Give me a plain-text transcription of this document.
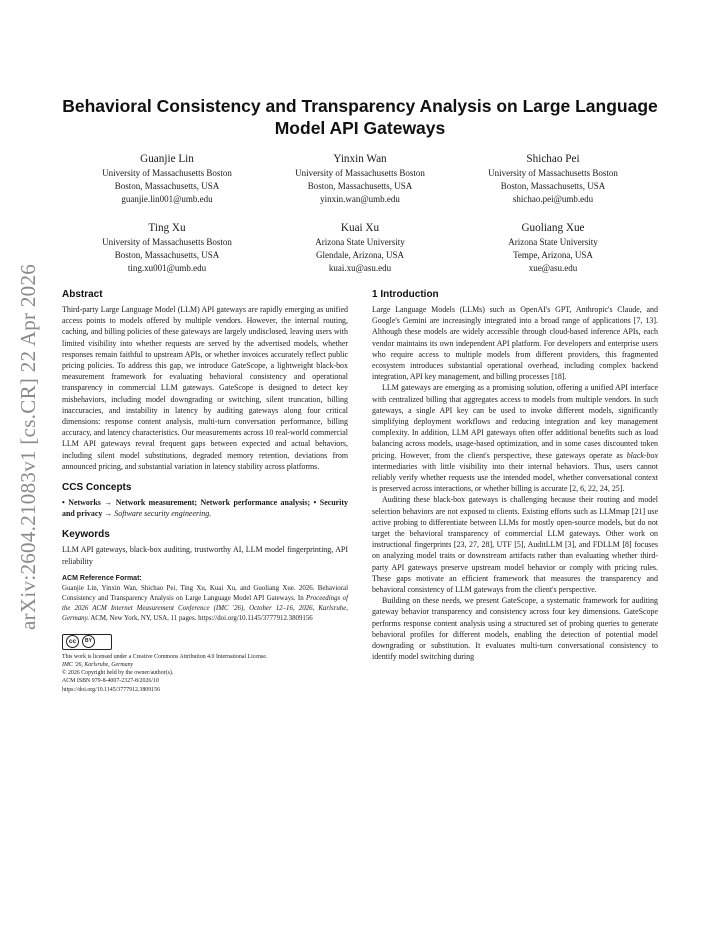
arXiv:2604.21083v1 [cs.CR] 22 Apr 2026
Behavioral Consistency and Transparency Analysis on Large Language Model API Gateways
Guanjie Lin
University of Massachusetts Boston
Boston, Massachusetts, USA
guanjie.lin001@umb.edu
Yinxin Wan
University of Massachusetts Boston
Boston, Massachusetts, USA
yinxin.wan@umb.edu
Shichao Pei
University of Massachusetts Boston
Boston, Massachusetts, USA
shichao.pei@umb.edu
Ting Xu
University of Massachusetts Boston
Boston, Massachusetts, USA
ting.xu001@umb.edu
Kuai Xu
Arizona State University
Glendale, Arizona, USA
kuai.xu@asu.edu
Guoliang Xue
Arizona State University
Tempe, Arizona, USA
xue@asu.edu
Abstract

Third-party Large Language Model (LLM) API gateways are rapidly emerging as unified access points to models offered by multiple vendors. However, the internal routing, caching, and billing policies of these gateways are largely undisclosed, leaving users with limited visibility into whether requests are served by the advertised models, whether responses remain faithful to upstream APIs, or whether invoices accurately reflect public pricing policies. To address this gap, we introduce GateScope, a lightweight black-box measurement framework for evaluating behavioral consistency and operational transparency in commercial LLM gateways. GateScope is designed to detect key misbehaviors, including model downgrading or switching, silent truncation, billing inaccuracies, and instability in latency by auditing gateways along four critical dimensions: response content analysis, multi-turn conversation performance, billing accuracy, and latency characteristics. Our measurements across 10 real-world commercial LLM API gateways reveal frequent gaps between expected and actual behaviors, including silent model substitutions, degraded memory retention, deviations from announced pricing, and substantial variation in latency stability across platforms.

CCS Concepts

• Networks → Network measurement; Network performance analysis; • Security and privacy → Software security engineering.

Keywords

LLM API gateways, black-box auditing, trustworthy AI, LLM model fingerprinting, API reliability

ACM Reference Format:

Guanjie Lin, Yinxin Wan, Shichao Pei, Ting Xu, Kuai Xu, and Guoliang Xue. 2026. Behavioral Consistency and Transparency Analysis on Large Language Model API Gateways. In Proceedings of the 2026 ACM Internet Measurement Conference (IMC '26), October 12–16, 2026, Karlsruhe, Germany. ACM, New York, NY, USA, 11 pages. https://doi.org/10.1145/3777912.3809156

cc	BY
This work is licensed under a Creative Commons Attribution 4.0 International License.
IMC '26, Karlsruhe, Germany
© 2026 Copyright held by the owner/author(s).
ACM ISBN 979-8-4007-2327-8/2026/10
https://doi.org/10.1145/3777912.3809156
1 Introduction

Large Language Models (LLMs) such as OpenAI's GPT, Anthropic's Claude, and Google's Gemini are increasingly integrated into a broad range of applications [7, 13]. Although these models are widely accessible through cloud-based inference APIs, each vendor maintains its own independent API platform. For developers and enterprise users who require access to multiple models from different providers, this fragmented ecosystem introduces substantial operational overhead, including complex backend integration, API key management, and billing processes [18].

LLM gateways are emerging as a promising solution, offering a unified API interface with centralized billing that aggregates access to models from multiple vendors. In such gateways, a single API key can be used to invoke different models, significantly simplifying deployment workflows and reducing integration and key management complexity. In addition, LLM API gateways often offer additional benefits such as load balancing across models, usage-based optimization, and in some cases discounted token pricing. However, from the client's perspective, these gateways operate as black-box intermediaries with little visibility into their internal behaviors. Thus, users cannot reliably verify whether requests use the intended model, whether conversational context is preserved across interactions, or whether billing is accurate [2, 6, 22, 24, 25].

Auditing these black-box gateways is challenging because their routing and model selection behaviors are not exposed to clients. Existing efforts such as LLMmap [21] use active probing to differentiate between LLMs for mostly open-source models, but do not target the behavioral transparency of commercial LLM gateways. Other work on instructional fingerprints [23, 27, 28], UTF [5], AuditLLM [3], and FDLLM [8] focuses on analyzing model traits or downstream artifacts rather than evaluating whether third-party API gateways preserve upstream model behavior or comply with pricing rules. These gaps motivate an efficient framework that measures the transparency and behavioral consistency of LLM gateways from the client's perspective.

Building on these needs, we present GateScope, a systematic framework for auditing gateway behavior transparency and consistency across four key dimensions. GateScope performs response content analysis using a structured set of probing queries to generate behavioral profiles for different models, enabling the detection of potential model downgrading or substitution. It evaluates multi-turn conversational consistency to identify model switching during
